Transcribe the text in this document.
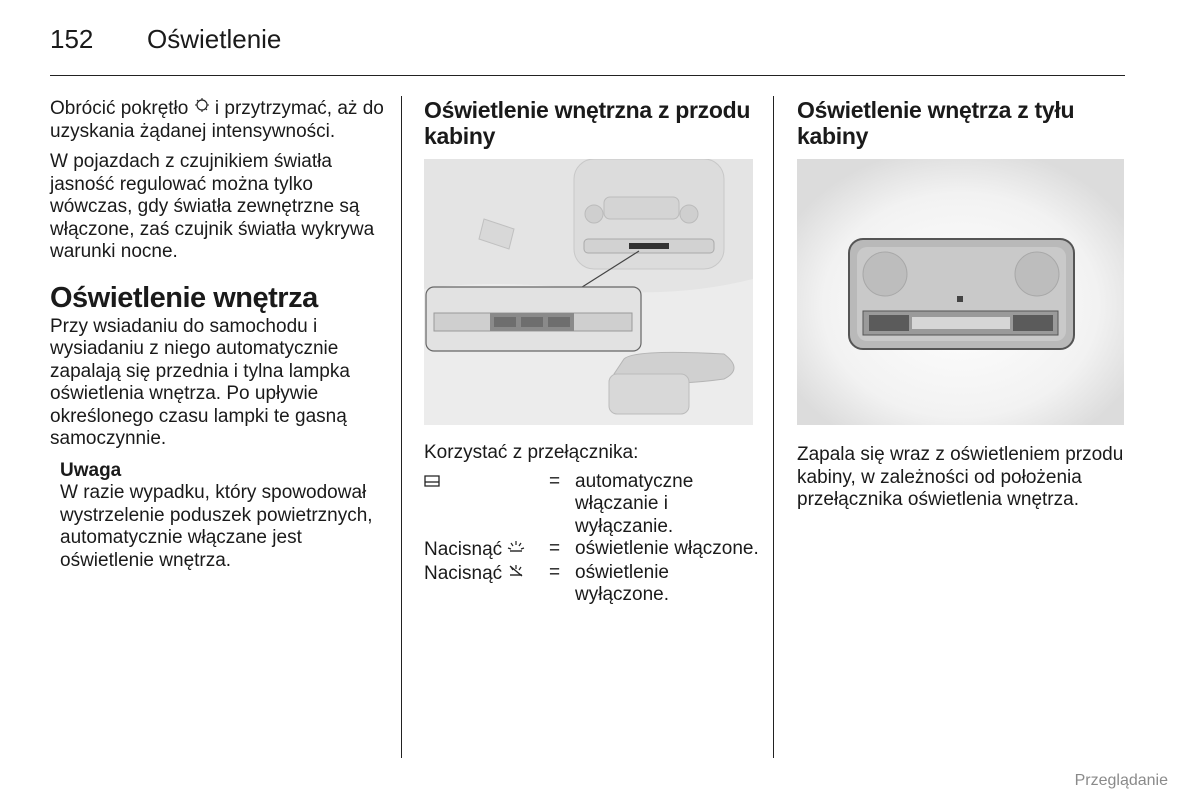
152 Oświetlenie

Obrócić pokrętło i przytrzymać, aż do uzyskania żądanej intensywności.

W pojazdach z czujnikiem światła jasność regulować można tylko wówczas, gdy światła zewnętrzne są włączone, zaś czujnik światła wykrywa warunki nocne.

Oświetlenie wnętrza

Przy wsiadaniu do samochodu i wysiadaniu z niego automatycznie zapalają się przednia i tylna lampka oświetlenia wnętrza. Po upływie określonego czasu lampki te gasną samoczynnie.

Uwaga
W razie wypadku, który spowodował wystrzelenie poduszek powietrznych, automatycznie włączane jest oświetlenie wnętrza.
Oświetlenie wnętrzna z przodu kabiny

Korzystać z przełącznika:

	=	automatyczne włączanie i wyłączanie.
Nacisnąć	=	oświetlenie włączone.
Nacisnąć	=	oświetlenie wyłączone.
Oświetlenie wnętrza z tyłu kabiny

Zapala się wraz z oświetleniem przodu kabiny, w zależności od położenia przełącznika oświetlenia wnętrza.

Przeglądanie
